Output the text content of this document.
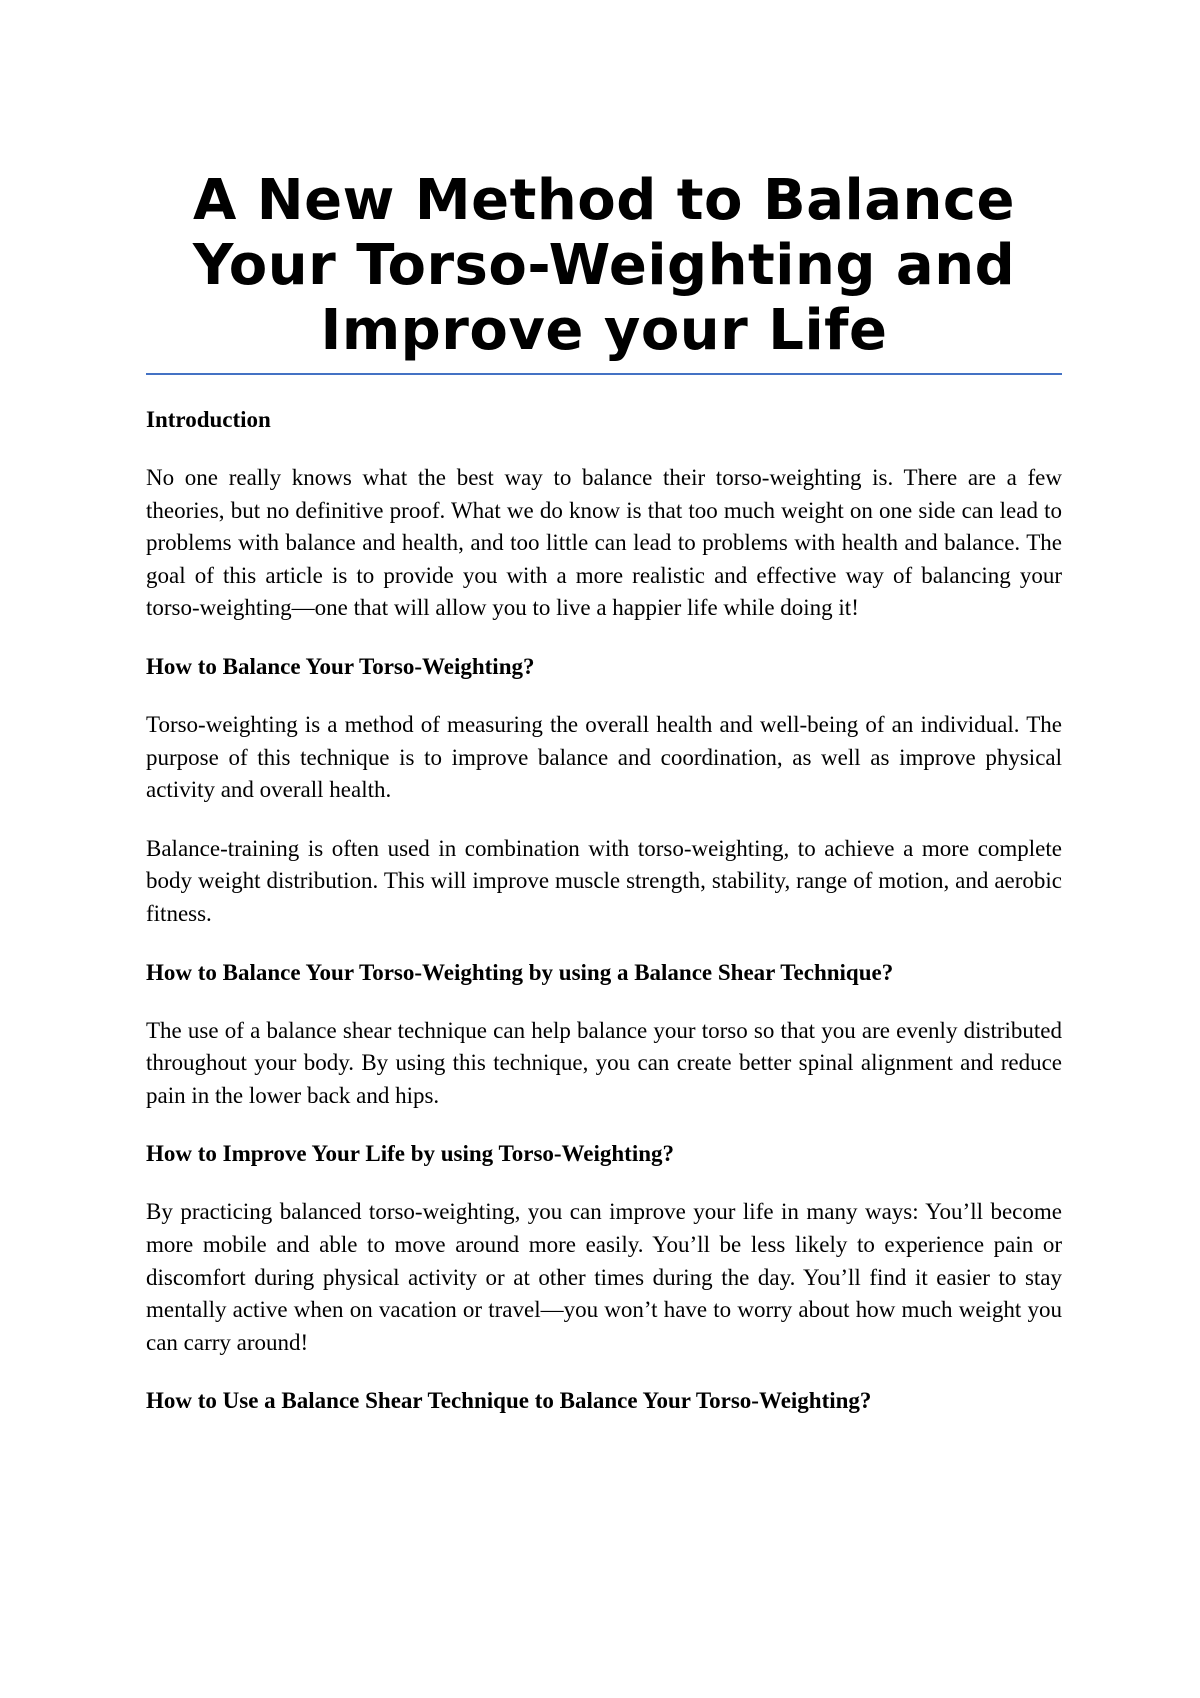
A New Method to Balance Your Torso-Weighting and Improve your Life

Introduction

No one really knows what the best way to balance their torso-weighting is. There are a few theories, but no definitive proof. What we do know is that too much weight on one side can lead to problems with balance and health, and too little can lead to problems with health and balance. The goal of this article is to provide you with a more realistic and effective way of balancing your torso-weighting—one that will allow you to live a happier life while doing it!

How to Balance Your Torso-Weighting?

Torso-weighting is a method of measuring the overall health and well-being of an individual. The purpose of this technique is to improve balance and coordination, as well as improve physical activity and overall health.

Balance-training is often used in combination with torso-weighting, to achieve a more complete body weight distribution. This will improve muscle strength, stability, range of motion, and aerobic fitness.

How to Balance Your Torso-Weighting by using a Balance Shear Technique?

The use of a balance shear technique can help balance your torso so that you are evenly distributed throughout your body. By using this technique, you can create better spinal alignment and reduce pain in the lower back and hips.

How to Improve Your Life by using Torso-Weighting?

By practicing balanced torso-weighting, you can improve your life in many ways: You’ll become more mobile and able to move around more easily. You’ll be less likely to experience pain or discomfort during physical activity or at other times during the day. You’ll find it easier to stay mentally active when on vacation or travel—you won’t have to worry about how much weight you can carry around!

How to Use a Balance Shear Technique to Balance Your Torso-Weighting?
